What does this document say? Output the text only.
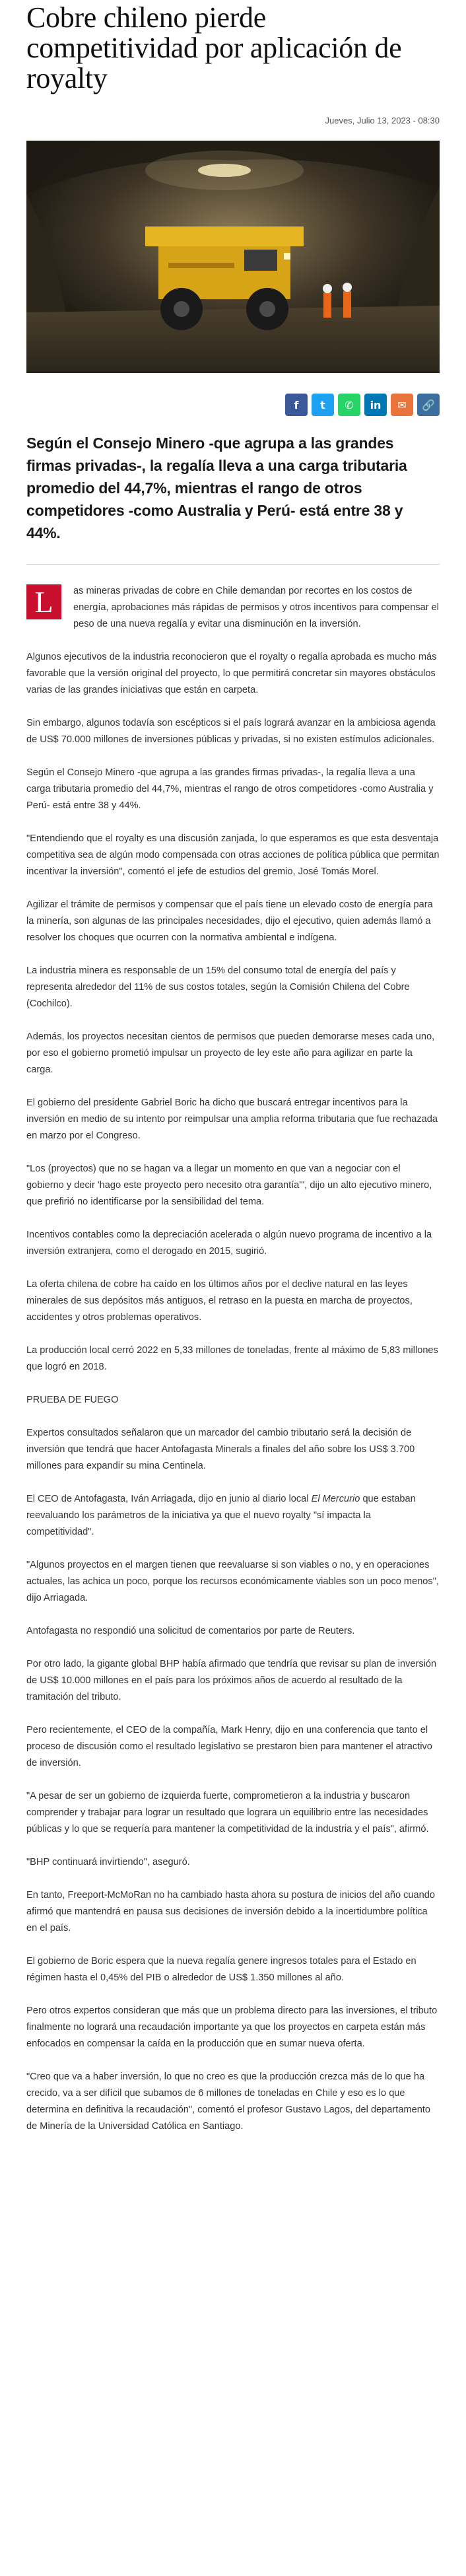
Cobre chileno pierde competitividad por aplicación de royalty
Jueves, Julio 13, 2023 - 08:30
f t ✆ in ✉ 🔗

Según el Consejo Minero -que agrupa a las grandes firmas privadas-, la regalía lleva a una carga tributaria promedio del 44,7%, mientras el rango de otros competidores -como Australia y Perú- está entre 38 y 44%.

L	as mineras privadas de cobre en Chile demandan por recortes en los costos de energía, aprobaciones más rápidas de permisos y otros incentivos para compensar el peso de una nueva regalía y evitar una disminución en la inversión.

Algunos ejecutivos de la industria reconocieron que el royalty o regalía aprobada es mucho más favorable que la versión original del proyecto, lo que permitirá concretar sin mayores obstáculos varias de las grandes iniciativas que están en carpeta.

Sin embargo, algunos todavía son escépticos si el país logrará avanzar en la ambiciosa agenda de US$ 70.000 millones de inversiones públicas y privadas, si no existen estímulos adicionales.

Según el Consejo Minero -que agrupa a las grandes firmas privadas-, la regalía lleva a una carga tributaria promedio del 44,7%, mientras el rango de otros competidores -como Australia y Perú- está entre 38 y 44%.

"Entendiendo que el royalty es una discusión zanjada, lo que esperamos es que esta desventaja competitiva sea de algún modo compensada con otras acciones de política pública que permitan incentivar la inversión", comentó el jefe de estudios del gremio, José Tomás Morel.

Agilizar el trámite de permisos y compensar que el país tiene un elevado costo de energía para la minería, son algunas de las principales necesidades, dijo el ejecutivo, quien además llamó a resolver los choques que ocurren con la normativa ambiental e indígena.

La industria minera es responsable de un 15% del consumo total de energía del país y representa alrededor del 11% de sus costos totales, según la Comisión Chilena del Cobre (Cochilco).

Además, los proyectos necesitan cientos de permisos que pueden demorarse meses cada uno, por eso el gobierno prometió impulsar un proyecto de ley este año para agilizar en parte la carga.

El gobierno del presidente Gabriel Boric ha dicho que buscará entregar incentivos para la inversión en medio de su intento por reimpulsar una amplia reforma tributaria que fue rechazada en marzo por el Congreso.

"Los (proyectos) que no se hagan va a llegar un momento en que van a negociar con el gobierno y decir 'hago este proyecto pero necesito otra garantía'", dijo un alto ejecutivo minero, que prefirió no identificarse por la sensibilidad del tema.

Incentivos contables como la depreciación acelerada o algún nuevo programa de incentivo a la inversión extranjera, como el derogado en 2015, sugirió.

La oferta chilena de cobre ha caído en los últimos años por el declive natural en las leyes minerales de sus depósitos más antiguos, el retraso en la puesta en marcha de proyectos, accidentes y otros problemas operativos.

La producción local cerró 2022 en 5,33 millones de toneladas, frente al máximo de 5,83 millones que logró en 2018.

PRUEBA DE FUEGO

Expertos consultados señalaron que un marcador del cambio tributario será la decisión de inversión que tendrá que hacer Antofagasta Minerals a finales del año sobre los US$ 3.700 millones para expandir su mina Centinela.

El CEO de Antofagasta, Iván Arriagada, dijo en junio al diario local El Mercurio que estaban reevaluando los parámetros de la iniciativa ya que el nuevo royalty "sí impacta la competitividad".

"Algunos proyectos en el margen tienen que reevaluarse si son viables o no, y en operaciones actuales, las achica un poco, porque los recursos económicamente viables son un poco menos", dijo Arriagada.

Antofagasta no respondió una solicitud de comentarios por parte de Reuters.

Por otro lado, la gigante global BHP había afirmado que tendría que revisar su plan de inversión de US$ 10.000 millones en el país para los próximos años de acuerdo al resultado de la tramitación del tributo.

Pero recientemente, el CEO de la compañía, Mark Henry, dijo en una conferencia que tanto el proceso de discusión como el resultado legislativo se prestaron bien para mantener el atractivo de inversión.

"A pesar de ser un gobierno de izquierda fuerte, comprometieron a la industria y buscaron comprender y trabajar para lograr un resultado que lograra un equilibrio entre las necesidades públicas y lo que se requería para mantener la competitividad de la industria y el país", afirmó.

"BHP continuará invirtiendo", aseguró.

En tanto, Freeport-McMoRan no ha cambiado hasta ahora su postura de inicios del año cuando afirmó que mantendrá en pausa sus decisiones de inversión debido a la incertidumbre política en el país.

El gobierno de Boric espera que la nueva regalía genere ingresos totales para el Estado en régimen hasta el 0,45% del PIB o alrededor de US$ 1.350 millones al año.

Pero otros expertos consideran que más que un problema directo para las inversiones, el tributo finalmente no logrará una recaudación importante ya que los proyectos en carpeta están más enfocados en compensar la caída en la producción que en sumar nueva oferta.

"Creo que va a haber inversión, lo que no creo es que la producción crezca más de lo que ha crecido, va a ser difícil que subamos de 6 millones de toneladas en Chile y eso es lo que determina en definitiva la recaudación", comentó el profesor Gustavo Lagos, del departamento de Minería de la Universidad Católica en Santiago.
